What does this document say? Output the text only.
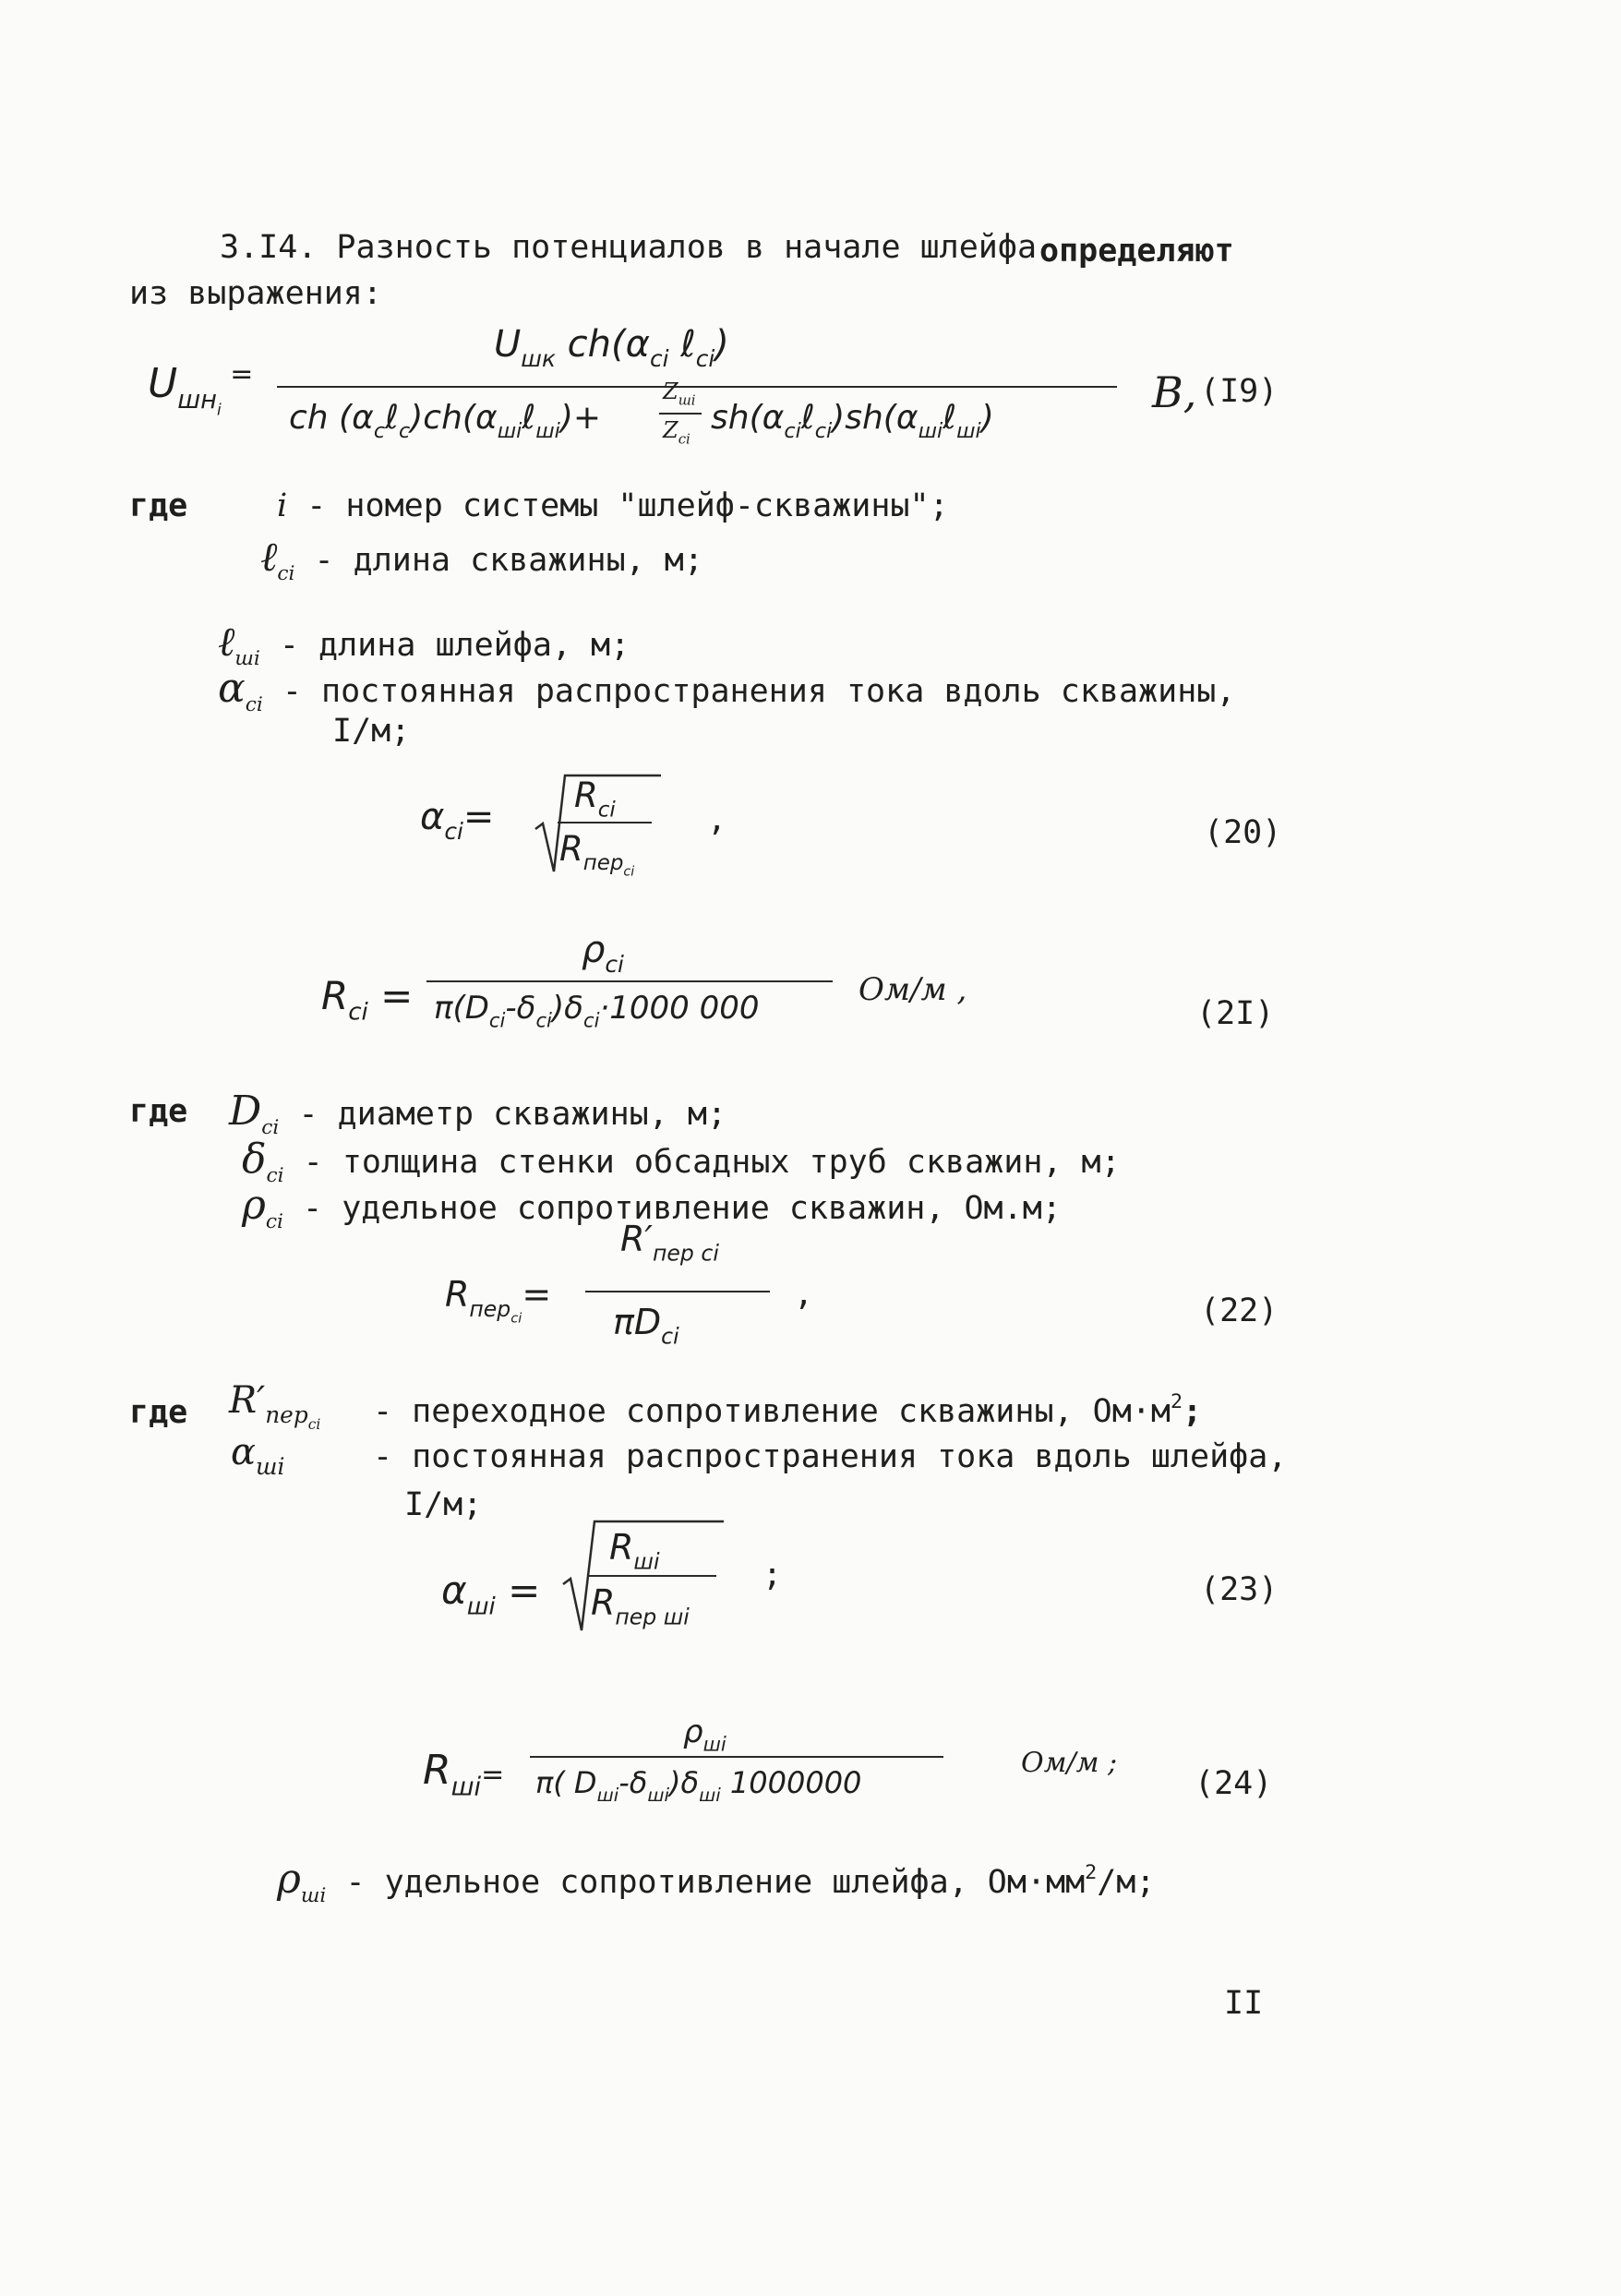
3.I4. Разность потенциалов в начале шлейфа определяют
из выражения:
$U_{шн_i}$ =
$U_{шк}$ $ch(\alpha_{ci}$ ℓ$_{ci}$)
ch $(\alpha_c\ell_c)ch(\alpha_{шi}\ell_{шi})+$
$Z_{шi}$
$Z_{ci}$
$sh(\alpha_{ci}\ell_{ci})sh(\alpha_{шi}\ell_{шi})$
B, (I9)
где	i - номер системы "шлейф-скважины";
ℓ$_{ci}$ - длина скважины, м;
ℓ$_{шi}$ - длина шлейфа, м;
$\alpha_{ci}$ - постоянная распространения тока вдоль скважины,
I/м;
$\alpha_{ci}=$
$R_{ci}$
$R_{пер_{ci}}$
,	(20)
$R_{ci}$ =
$\rho_{ci}$
$\pi(D_{ci}-\delta_{ci})\delta_{ci}\cdot 1000$ 000	Ом/м ,
(2I)
где $D_{ci}$ - диаметр скважины, м;
$\delta_{ci}$ - толщина стенки обсадных труб скважин, м;
$\rho_{ci}$ - удельное сопротивление скважин, Ом.м;
$R_{пер_{ci}}=$
$R'_{пер ci}$
$\pi D_{ci}$
,	(22)
где $R'_{пер_{ci}}$ - переходное сопротивление скважины, $Ом\cdot м^2$;
$\alpha_{шi}$	- постоянная распространения тока вдоль шлейфа,
I/м;
$\alpha_{шi}$ =
$R_{шi}$
$R_{пер шi}$
;	(23)
$R_{шi}=$
$\rho_{шi}$
π( $D_{шi}-\delta_{шi})\delta_{шi}$ 1000000
Ом/м ;
(24)
$\rho_{шi}$ - удельное сопротивление шлейфа, $Ом\cdot мм^2/м$;
II
